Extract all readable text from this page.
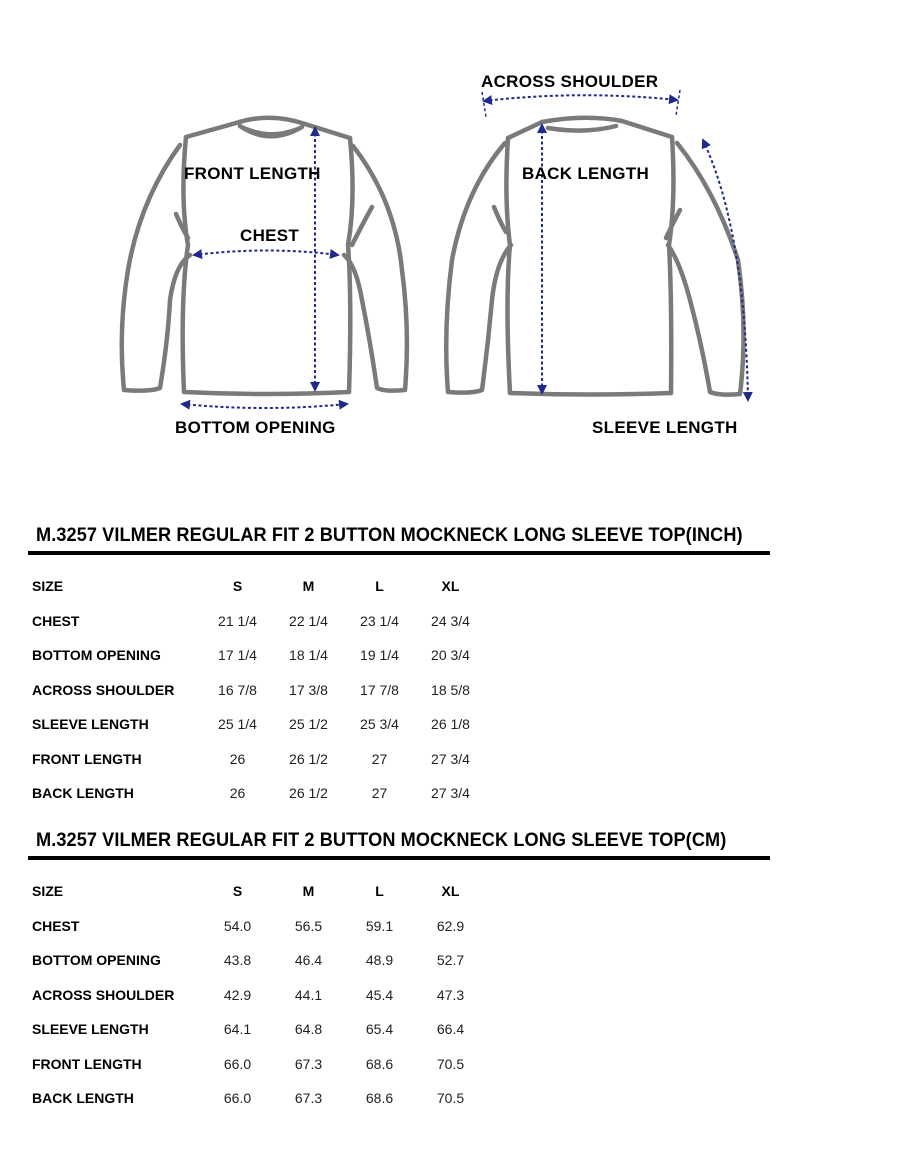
FRONT LENGTH
CHEST
BOTTOM OPENING
ACROSS SHOULDER
BACK LENGTH
SLEEVE LENGTH
M.3257 VILMER REGULAR FIT 2 BUTTON MOCKNECK LONG SLEEVE TOP(INCH)
SIZE	S	M	L	XL
CHEST	21 1/4	22 1/4	23 1/4	24 3/4
BOTTOM OPENING	17 1/4	18 1/4	19 1/4	20 3/4
ACROSS SHOULDER	16 7/8	17 3/8	17 7/8	18 5/8
SLEEVE LENGTH	25 1/4	25 1/2	25 3/4	26 1/8
FRONT LENGTH	26	26 1/2	27	27 3/4
BACK LENGTH	26	26 1/2	27	27 3/4
M.3257 VILMER REGULAR FIT 2 BUTTON MOCKNECK LONG SLEEVE TOP(CM)
SIZE	S	M	L	XL
CHEST	54.0	56.5	59.1	62.9
BOTTOM OPENING	43.8	46.4	48.9	52.7
ACROSS SHOULDER	42.9	44.1	45.4	47.3
SLEEVE LENGTH	64.1	64.8	65.4	66.4
FRONT LENGTH	66.0	67.3	68.6	70.5
BACK LENGTH	66.0	67.3	68.6	70.5
